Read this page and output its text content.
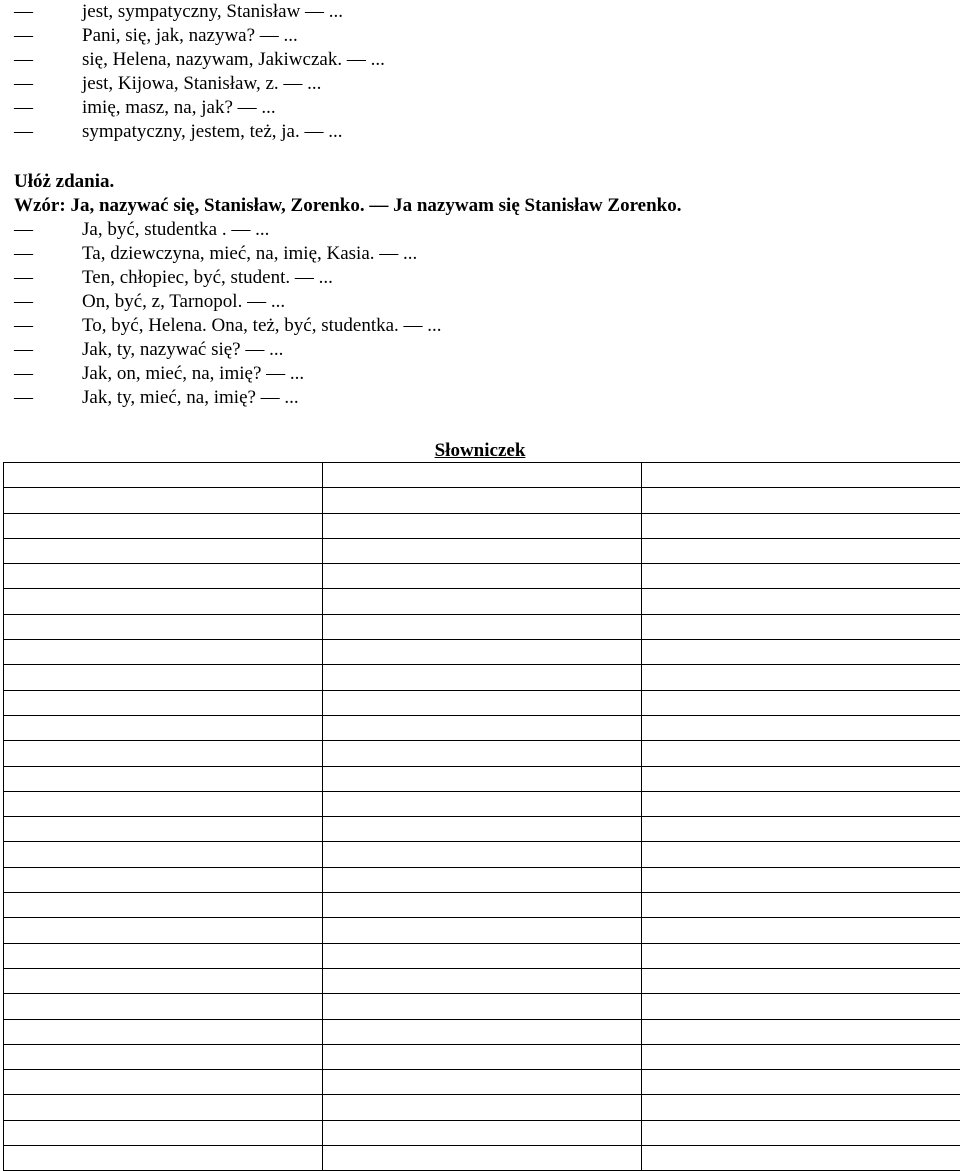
—	jest, sympatyczny, Stanisław — ...
—	Pani, się, jak, nazywa? — ...
—	się, Helena, nazywam, Jakiwczak. — ...
—	jest, Kijowa, Stanisław, z. — ...
—	imię, masz, na, jak? — ...
—	sympatyczny, jestem, też, ja. — ...
Ułóż zdania.
Wzór: Ja, nazywać się, Stanisław, Zorenko. — Ja nazywam się Stanisław Zorenko.
—	Ja, być, studentka . — ...
—	Ta, dziewczyna, mieć, na, imię, Kasia. — ...
—	Ten, chłopiec, być, student. — ...
—	On, być, z, Tarnopol. — ...
—	To, być, Helena. Ona, też, być, studentka. — ...
—	Jak, ty, nazywać się? — ...
—	Jak, on, mieć, na, imię? — ...
—	Jak, ty, mieć, na, imię? — ...
Słowniczek
